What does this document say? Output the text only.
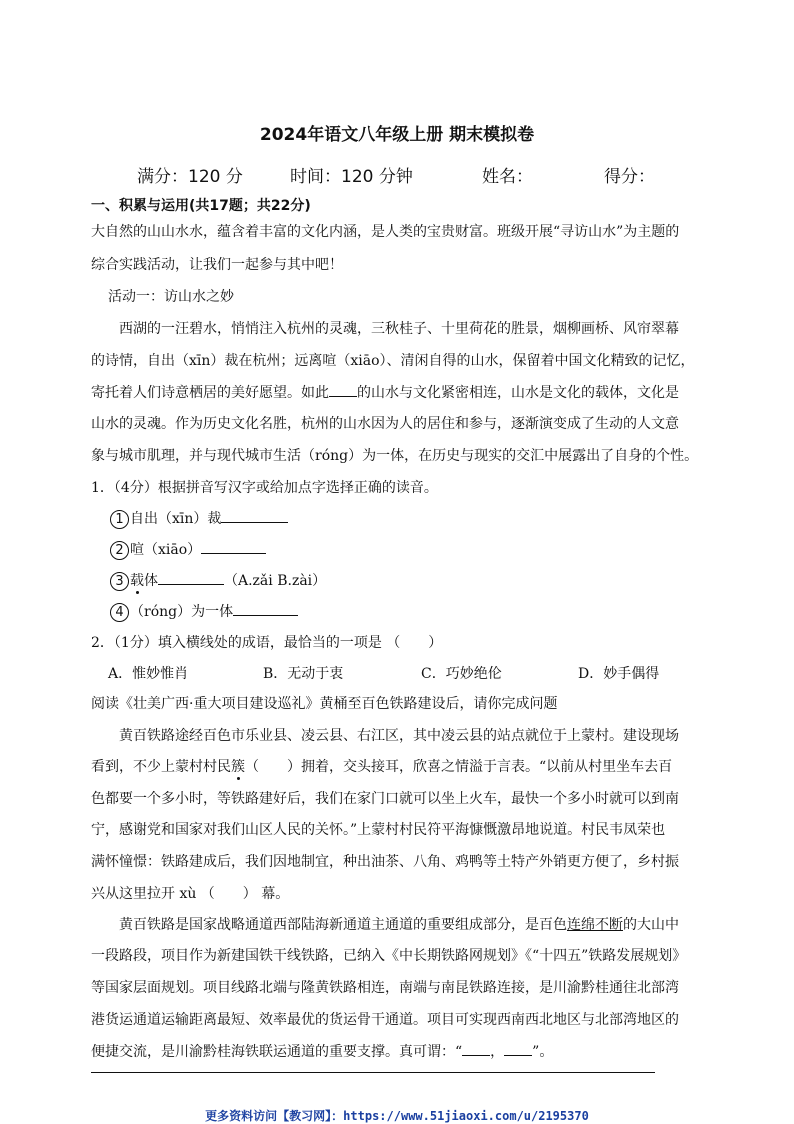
2024年语文八年级上册 期末模拟卷
满分：120 分	时间：120 分钟	姓名：	得分：
一、积累与运用(共17题；共22分)
大自然的山山水水，蕴含着丰富的文化内涵，是人类的宝贵财富。班级开展“寻访山水”为主题的
综合实践活动，让我们一起参与其中吧！
活动一：访山水之妙
西湖的一汪碧水，悄悄注入杭州的灵魂，三秋桂子、十里荷花的胜景，烟柳画桥、风帘翠幕
的诗情，自出（xīn）裁在杭州；远离喧（xiāo）、清闲自得的山水，保留着中国文化精致的记忆，
寄托着人们诗意栖居的美好愿望。如此 的山水与文化紧密相连，山水是文化的载体，文化是
山水的灵魂。作为历史文化名胜，杭州的山水因为人的居住和参与，逐渐演变成了生动的人文意
象与城市肌理，并与现代城市生活（róng）为一体，在历史与现实的交汇中展露出了自身的个性。
1．（4分）根据拼音写汉字或给加点字选择正确的读音。
1 自出（xīn）裁
2 喧（xiāo）
3 载体	（A.zǎi B.zài）
4 （róng）为一体
2．（1分）填入横线处的成语，最恰当的一项是 （　　）
A．惟妙惟肖	B．无动于衷	C．巧妙绝伦	D．妙手偶得
阅读《壮美广西·重大项目建设巡礼》黄桶至百色铁路建设后，请你完成问题
黄百铁路途经百色市乐业县、凌云县、右江区，其中凌云县的站点就位于上蒙村。建设现场
看到，不少上蒙村村民簇（　　）拥着，交头接耳，欣喜之情溢于言表。“以前从村里坐车去百
色都要一个多小时，等铁路建好后，我们在家门口就可以坐上火车，最快一个多小时就可以到南
宁，感谢党和国家对我们山区人民的关怀。”上蒙村村民符平海慷慨激昂地说道。村民韦凤荣也
满怀憧憬：铁路建成后，我们因地制宜，种出油茶、八角、鸡鸭等土特产外销更方便了，乡村振
兴从这里拉开 xù （　　） 幕。
黄百铁路是国家战略通道西部陆海新通道主通道的重要组成部分，是百色连绵不断的大山中
一段路段，项目作为新建国铁干线铁路，已纳入《中长期铁路网规划》《“十四五”铁路发展规划》
等国家层面规划。项目线路北端与隆黄铁路相连，南端与南昆铁路连接，是川渝黔桂通往北部湾
港货运通道运输距离最短、效率最优的货运骨干通道。项目可实现西南西北地区与北部湾地区的
便捷交流，是川渝黔桂海铁联运通道的重要支撑。真可谓：“ ， ”。
更多资料访问【教习网】：https://www.51jiaoxi.com/u/2195370
